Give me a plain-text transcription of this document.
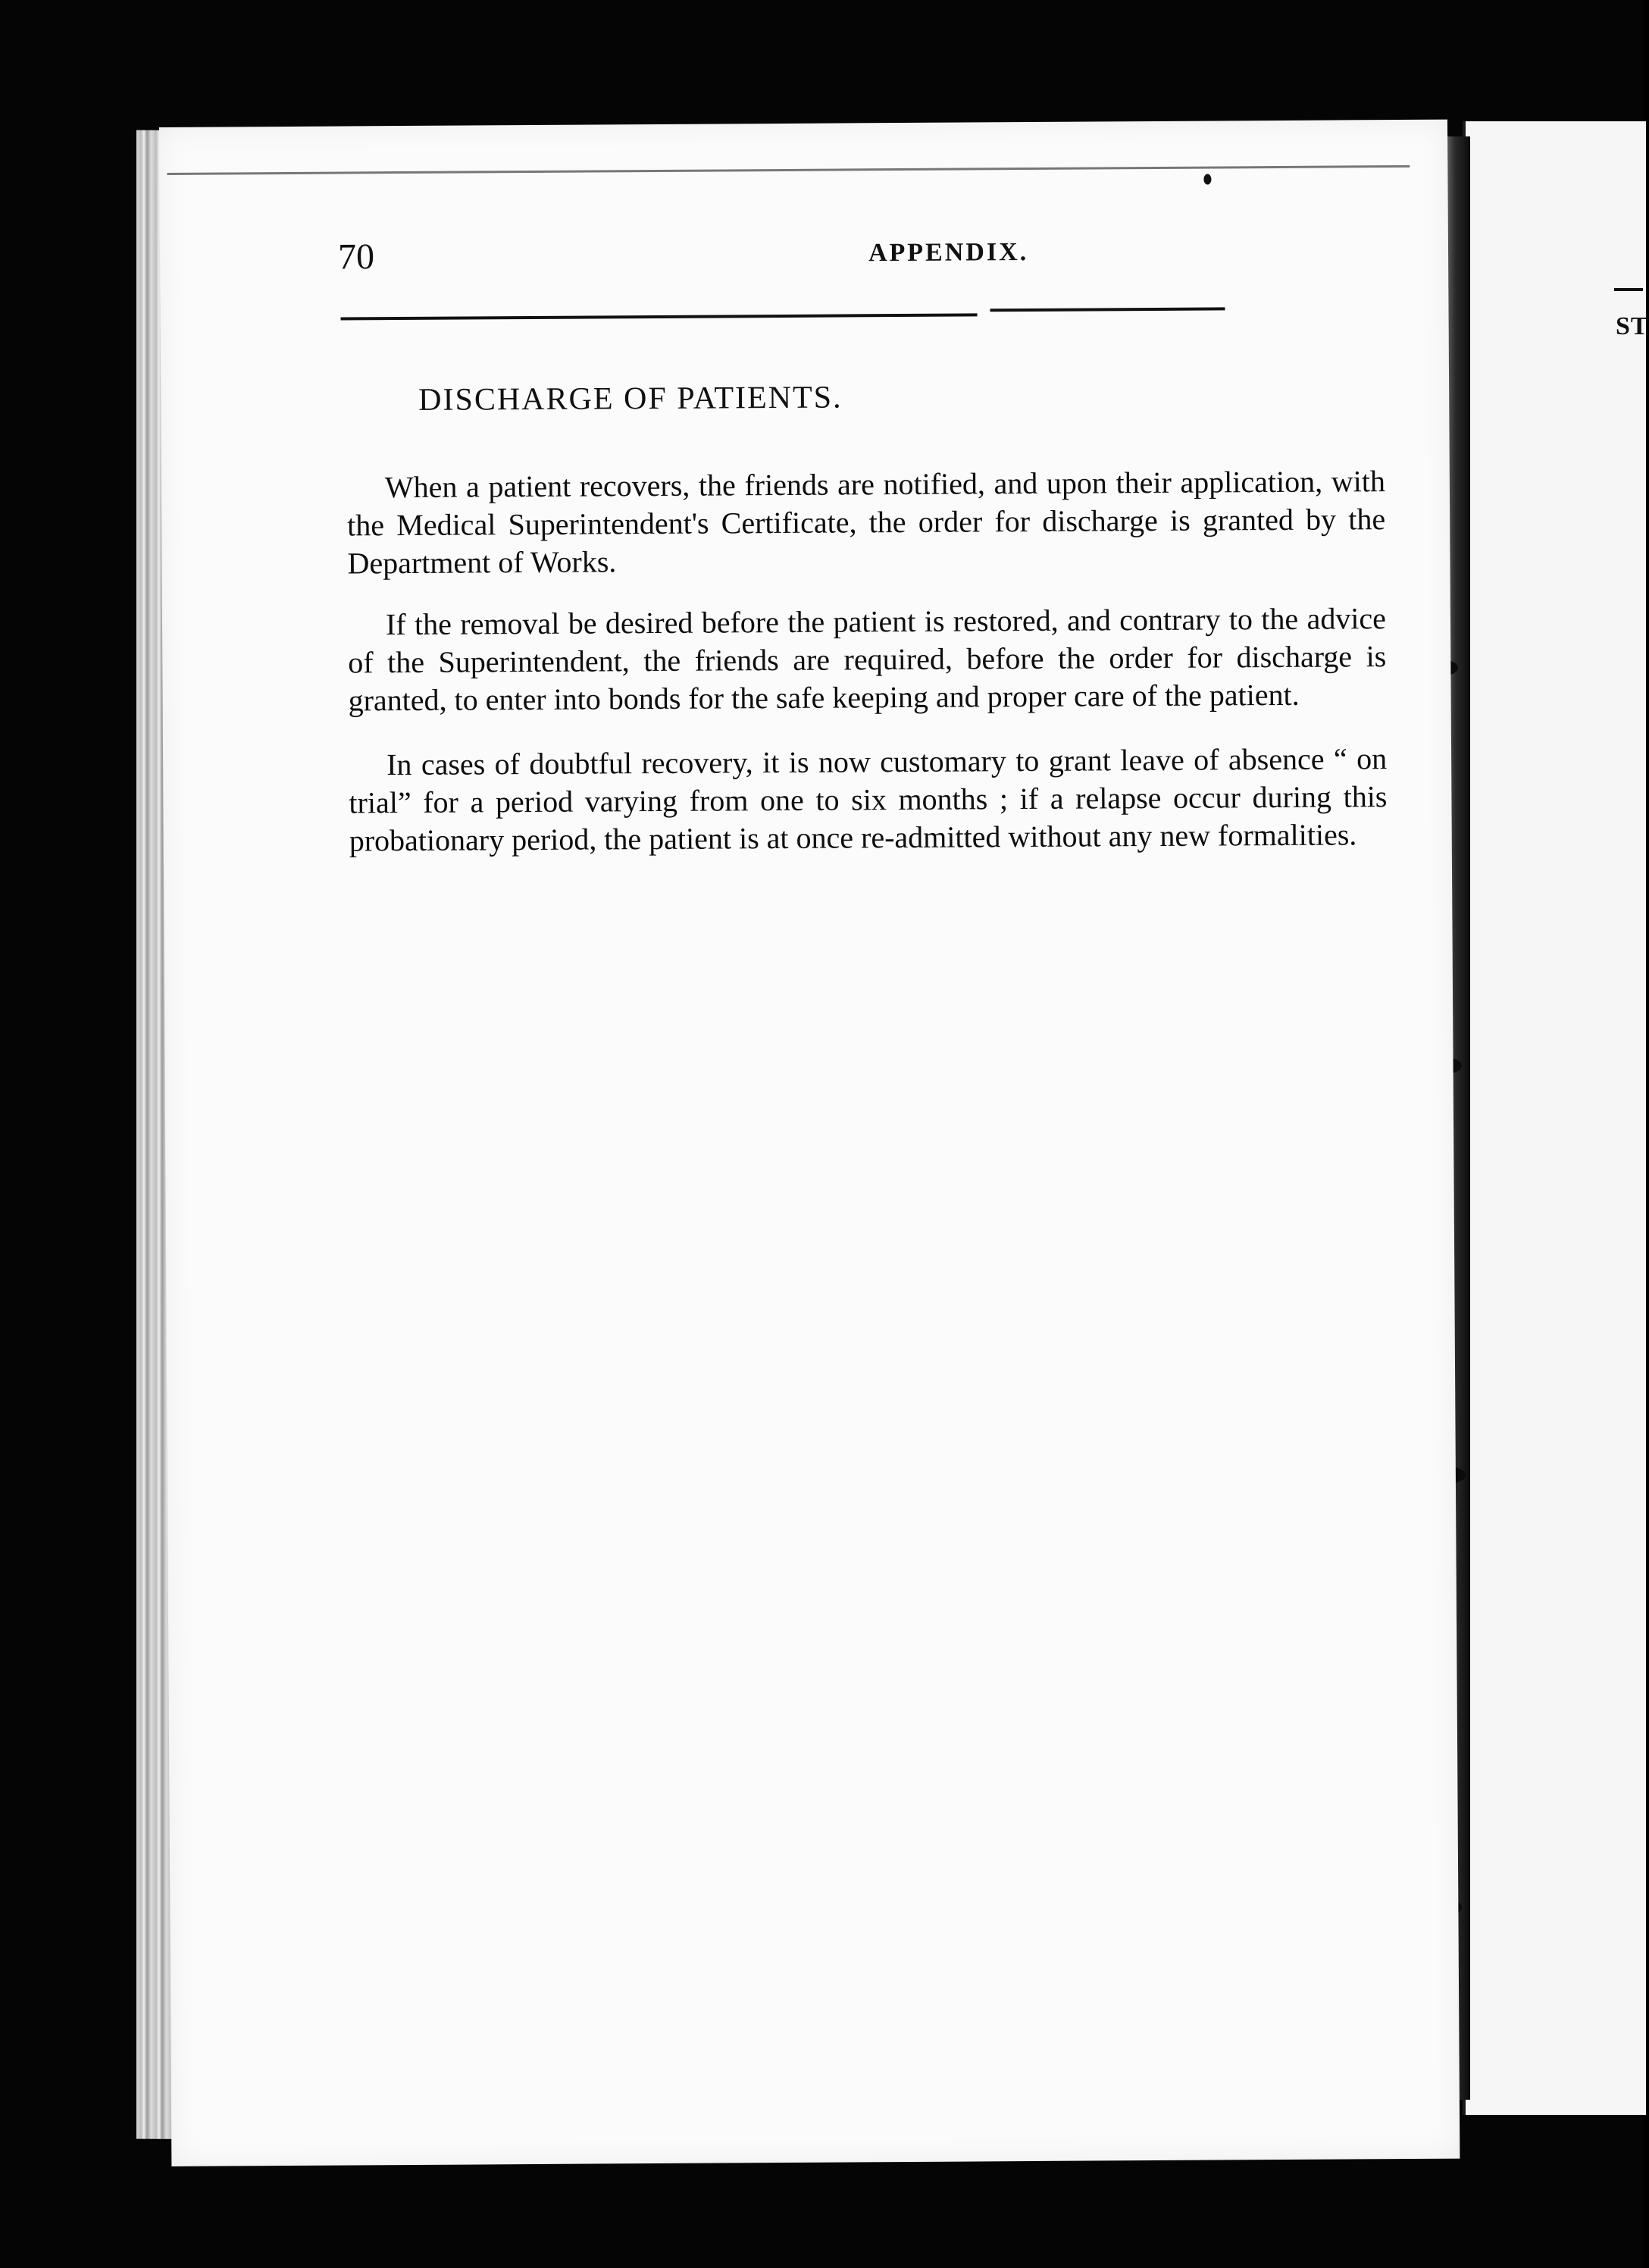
ST
70	APPENDIX.
DISCHARGE OF PATIENTS.

When a patient recovers, the friends are notified, and upon their application, with the Medical Superintendent's Certificate, the order for discharge is granted by the Department of Works.

If the removal be desired before the patient is restored, and contrary to the advice of the Superintendent, the friends are required, before the order for discharge is granted, to enter into bonds for the safe keeping and proper care of the patient.

In cases of doubtful recovery, it is now customary to grant leave of absence “ on trial” for a period varying from one to six months ; if a relapse occur during this probationary period, the patient is at once re-admitted without any new formalities.
